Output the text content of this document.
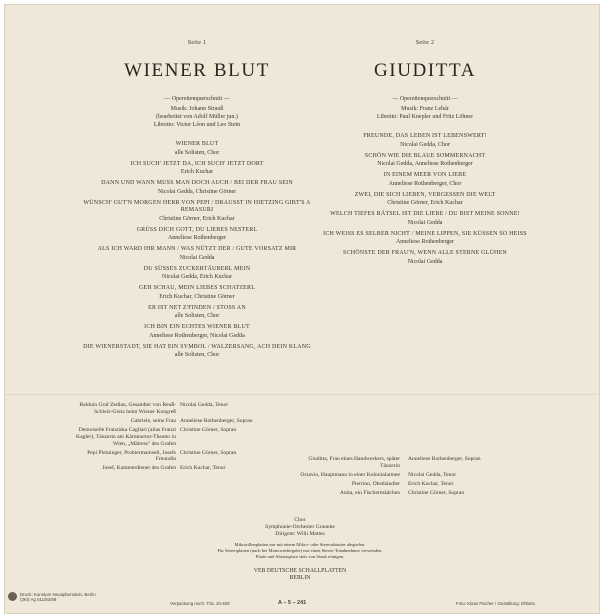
Seite 1
WIENER BLUT
— Operettenquerschnitt —
Musik: Johann Strauß
(bearbeitet von Adolf Müller jun.)
Libretto: Victor Léon und Leo Stein
WIENER BLUT
alle Solisten, Chor
ICH SUCH' JETZT DA, ICH SUCH' JETZT DORT
Erich Kuchar
DANN UND WANN MUSS MAN DOCH AUCH / BEI DER FRAU SEIN
Nicolai Gedda, Christine Görner
WÜNSCH' GUT'N MORGEN HERR VON PEPI / DRAUSST IN HIETZING GIBT'S A REMASURI
Christine Görner, Erich Kuchar
GRÜSS DICH GOTT, DU LIEBES NESTERL
Anneliese Rothenberger
ALS ICH WARD IHR MANN / WAS NÜTZT DER / GUTE VORSATZ MIR
Nicolai Gedda
DU SÜSSES ZUCKERTÄUBERL MEIN
Nicolai Gedda, Erich Kuchar
GEH SCHAU, MEIN LIEBES SCHATZERL
Erich Kuchar, Christine Görner
ER IST NET Z'FINDEN / STOSS AN
alle Solisten, Chor
ICH BIN EIN ECHTES WIENER BLUT
Anneliese Rothenberger, Nicolai Gedda
DIE WIENERSTADT, SIE HAT EIN SYMBOL / WALZERSANG, ACH DEIN KLANG
alle Solisten, Chor
Seite 2
GIUDITTA
— Operettenquerschnitt —
Musik: Franz Lehár
Libretto: Paul Knepler und Fritz Löhner
FREUNDE, DAS LEBEN IST LEBENSWERT!
Nicolai Gedda, Chor
SCHÖN WIE DIE BLAUE SOMMERNACHT
Nicolai Gedda, Anneliese Rothenberger
IN EINEM MEER VON LIEBE
Anneliese Rothenberger, Chor
ZWEI, DIE SICH LIEBEN, VERGESSEN DIE WELT
Christine Görner, Erich Kuchar
WELCH TIEFES RÄTSEL IST DIE LIEBE / DU BIST MEINE SONNE!
Nicolai Gedda
ICH WEISS ES SELBER NICHT / MEINE LIPPEN, SIE KÜSSEN SO HEISS
Anneliese Rothenberger
SCHÖNSTE DER FRAU'N, WENN ALLE STERNE GLÜHEN
Nicolai Gedda
Balduin Graf Zedlau, Gesandter von Reuß-Schleiz-Greiz beim Wiener Kongreß
Nicolai Gedda, Tenor
Gabriele, seine Frau Anneliese Rothenberger, Sopran
Demoiselle Franziska Cagliari (alias Franzi Kagler), Tänzerin am Kärntnertor-Theater in Wien, „Mätress" des Grafen
Christine Görner, Sopran
Pepi Pleininger, Probiermamsell, Josefs Freundin
Christine Görner, Sopran
Josef, Kammerdiener des Grafen Erich Kuchar, Tenor
Giuditta, Frau eines Handwerkers, später Tänzerin
Anneliese Rothenberger, Sopran
Octavio, Hauptmann in einer Kolonialarmee Nicolai Gedda, Tenor
Pierrino, Obsthändler Erich Kuchar, Tenor
Anita, ein Fischermädchen Christine Görner, Sopran
Chor
Symphonie-Orchester Graunke
Dirigent: Willi Mattes
Mikrorillenplatten nur mit einem Mikro- oder Stereoabtaster abspielen.
Für Stereoplatten (auch bei Monowiedergabe) nur einen Stereo-Tonabnehmer verwenden.
Platte und Abtastspitze stets von Staub reinigen.
VEB DEUTSCHE SCHALLPLATTEN
BERLIN
Druck: Kunstum Neuapbenstein, Berlin
(3KI) Ag 511/82/89
Verpackung noch: TGL 10-409	A – 5 – 241	Foto: Klaus Fischer / Gestaltung: Ehbets
